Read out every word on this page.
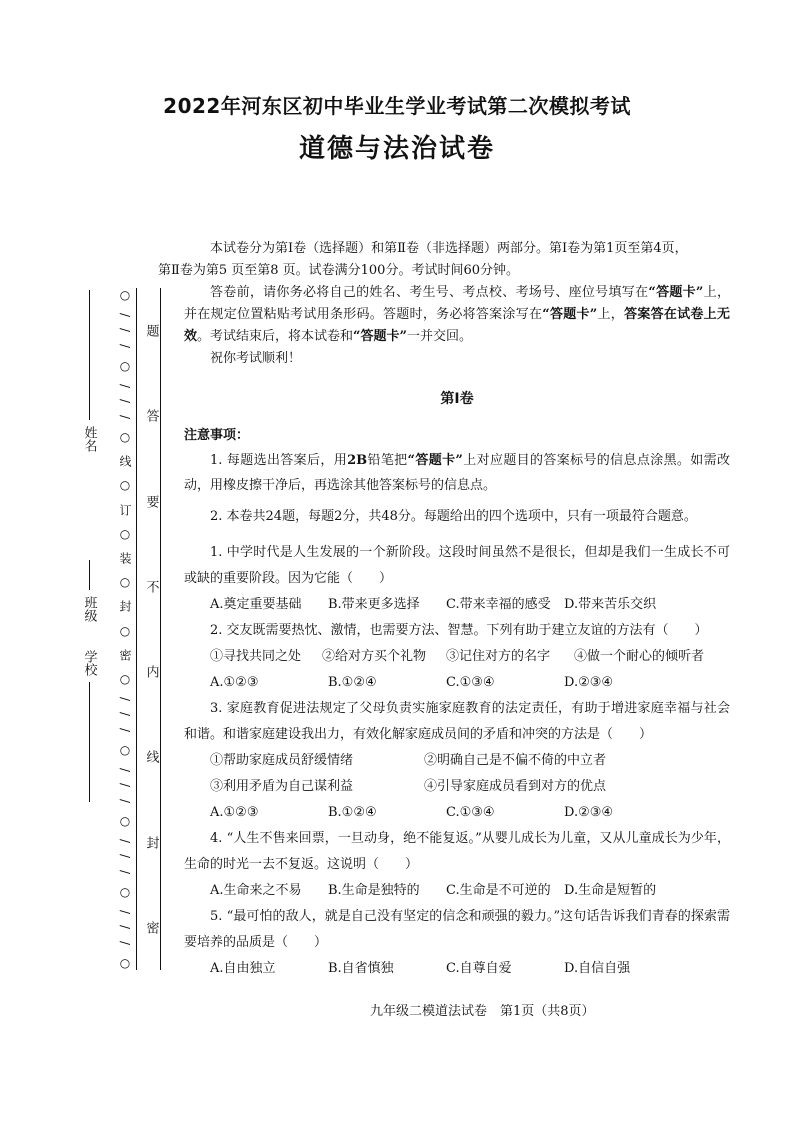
2022年河东区初中毕业生学业考试第二次模拟考试
道德与法治试卷

本试卷分为第Ⅰ卷（选择题）和第Ⅱ卷（非选择题）两部分。第Ⅰ卷为第1页至第4页，
第Ⅱ卷为第5 页至第8 页。试卷满分100分。考试时间60分钟。

答卷前，请你务必将自己的姓名、考生号、考点校、考场号、座位号填写在“答题卡”上，并在规定位置粘贴考试用条形码。答题时，务必将答案涂写在“答题卡”上，答案答在试卷上无效。考试结束后，将本试卷和“答题卡”一并交回。

祝你考试顺利！

第Ⅰ卷
注意事项：

1. 每题选出答案后，用2B铅笔把“答题卡”上对应题目的答案标号的信息点涂黑。如需改动，用橡皮擦干净后，再选涂其他答案标号的信息点。

2. 本卷共24题，每题2分，共48分。每题给出的四个选项中，只有一项最符合题意。

1. 中学时代是人生发展的一个新阶段。这段时间虽然不是很长，但却是我们一生成长不可或缺的重要阶段。因为它能（　　）

A.奠定重要基础	B.带来更多选择	C.带来幸福的感受	D.带来苦乐交织

2. 交友既需要热忱、激情，也需要方法、智慧。下列有助于建立友谊的方法有（　　）

①寻找共同之处	②给对方买个礼物	③记住对方的名字	④做一个耐心的倾听者
A.①②③	B.①②④	C.①③④	D.②③④

3. 家庭教育促进法规定了父母负责实施家庭教育的法定责任，有助于增进家庭幸福与社会和谐。和谐家庭建设我出力，有效化解家庭成员间的矛盾和冲突的方法是（　　）

①帮助家庭成员舒缓情绪	②明确自己是不偏不倚的中立者
③利用矛盾为自己谋利益	④引导家庭成员看到对方的优点
A.①②③	B.①②④	C.①③④	D.②③④

4. “人生不售来回票，一旦动身，绝不能复返。”从婴儿成长为儿童，又从儿童成长为少年，生命的时光一去不复返。这说明（　　）

A.生命来之不易	B.生命是独特的	C.生命是不可逆的	D.生命是短暂的

5. “最可怕的敌人，就是自己没有坚定的信念和顽强的毅力。”这句话告诉我们青春的探索需要培养的品质是（　　）

A.自由独立	B.自省慎独	C.自尊自爱	D.自信自强
姓名
班级
学校
○
/
/
/
○
/
/
/
○
线
○
订
○
装
○
封
○
密
○
/
/
/
○
/
/
/
○
/
/
/
○
/
/
/
○
题
答
要
不
内
线
封
密
九年级二模道法试卷　第1页（共8页）
